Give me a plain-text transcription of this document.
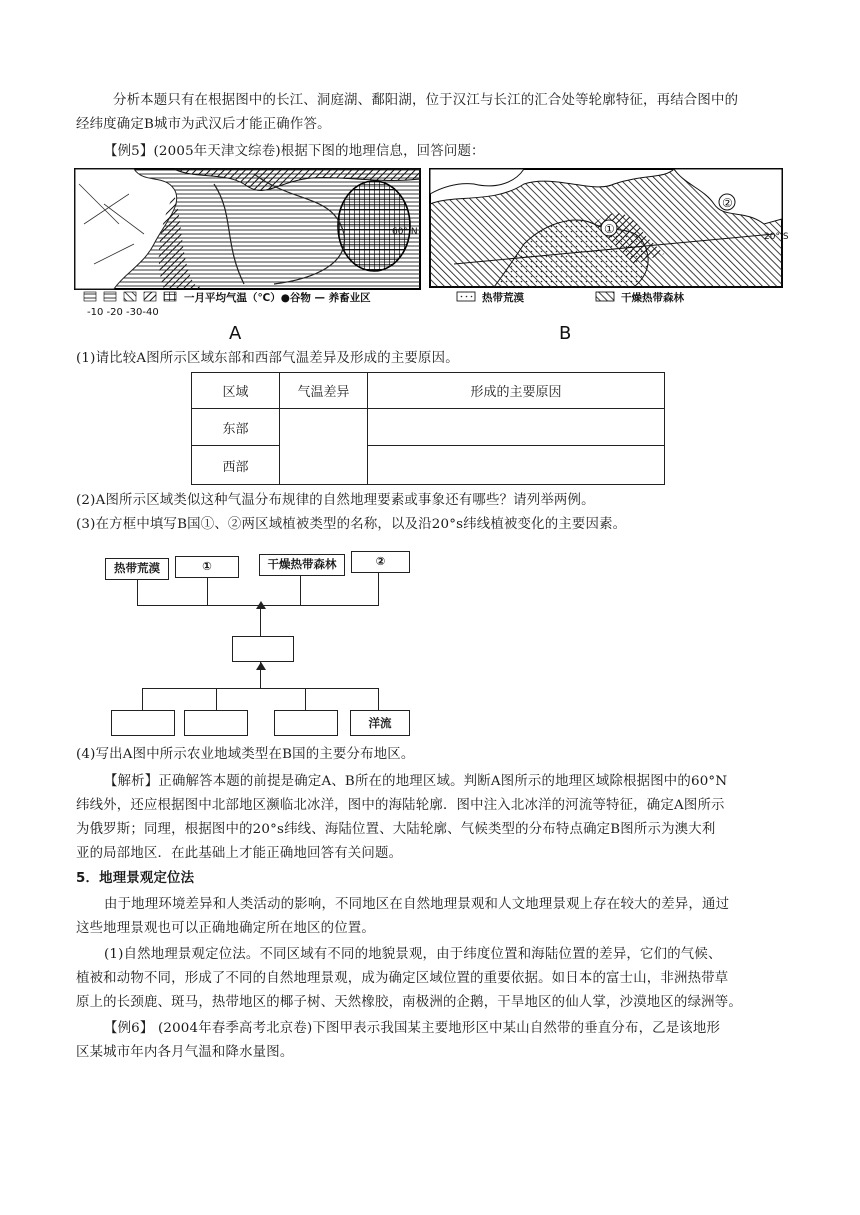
分析本题只有在根据图中的长江、洞庭湖、鄱阳湖，位于汉江与长江的汇合处等轮廓特征，再结合图中的
经纬度确定B城市为武汉后才能正确作答。
【例5】(2005年天津文综卷)根据下图的地理信息，回答问题：
60° N	20° S
①
②
一月平均气温（℃）●谷物 — 养畜业区
-10 -20 -30-40
A
热带荒漠	干燥热带森林
B
(1)请比较A图所示区域东部和西部气温差异及形成的主要原因。
区域	气温差异	形成的主要原因
东部		
西部		
(2)A图所示区域类似这种气温分布规律的自然地理要素或事象还有哪些？请列举两例。
(3)在方框中填写B国①、②两区域植被类型的名称，以及沿20°s纬线植被变化的主要因素。
热带荒漠	①	干燥热带森林	②
洋流
(4)写出A图中所示农业地域类型在B国的主要分布地区。
【解析】正确解答本题的前提是确定A、B所在的地理区域。判断A图所示的地理区域除根据图中的60°N
纬线外，还应根据图中北部地区濒临北冰洋，图中的海陆轮廓．图中注入北冰洋的河流等特征，确定A图所示
为俄罗斯；同理，根据图中的20°s纬线、海陆位置、大陆轮廓、气候类型的分布特点确定B图所示为澳大利
亚的局部地区．在此基础上才能正确地回答有关问题。
5．地理景观定位法
由于地理环境差异和人类活动的影响，不同地区在自然地理景观和人文地理景观上存在较大的差异，通过
这些地理景观也可以正确地确定所在地区的位置。
(1)自然地理景观定位法。不同区域有不同的地貌景观，由于纬度位置和海陆位置的差异，它们的气候、
植被和动物不同，形成了不同的自然地理景观，成为确定区域位置的重要依据。如日本的富士山，非洲热带草
原上的长颈鹿、斑马，热带地区的椰子树、天然橡胶，南极洲的企鹅，干旱地区的仙人掌，沙漠地区的绿洲等。
【例6】 (2004年春季高考北京卷)下图甲表示我国某主要地形区中某山自然带的垂直分布，乙是该地形
区某城市年内各月气温和降水量图。
